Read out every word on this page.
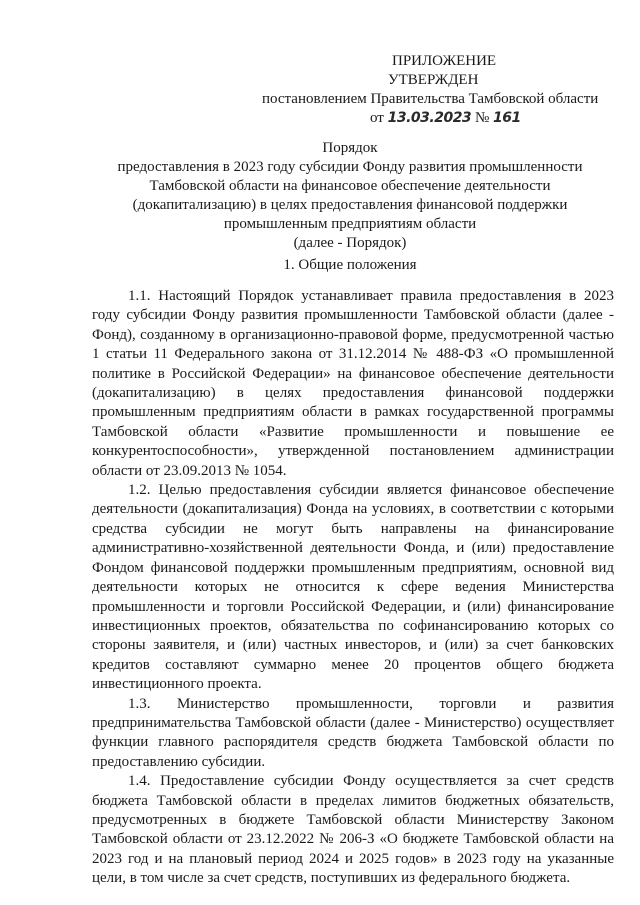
ПРИЛОЖЕНИЕ
УТВЕРЖДЕН
постановлением Правительства Тамбовской области
от 13.03.2023 № 161
Порядок
предоставления в 2023 году субсидии Фонду развития промышленности
Тамбовской области на финансовое обеспечение деятельности
(докапитализацию) в целях предоставления финансовой поддержки
промышленным предприятиям области
(далее - Порядок)
1. Общие положения

1.1. Настоящий Порядок устанавливает правила предоставления в 2023 году субсидии Фонду развития промышленности Тамбовской области (далее - Фонд), созданному в организационно-правовой форме, предусмотренной частью 1 статьи 11 Федерального закона от 31.12.2014 № 488-ФЗ «О промышленной политике в Российской Федерации» на финансовое обеспечение деятельности (докапитализацию) в целях предоставления финансовой поддержки промышленным предприятиям области в рамках государственной программы Тамбовской области «Развитие промышленности и повышение ее конкурентоспособности», утвержденной постановлением администрации области от 23.09.2013 № 1054.

1.2. Целью предоставления субсидии является финансовое обеспечение деятельности (докапитализация) Фонда на условиях, в соответствии с которыми средства субсидии не могут быть направлены на финансирование административно-хозяйственной деятельности Фонда, и (или) предоставление Фондом финансовой поддержки промышленным предприятиям, основной вид деятельности которых не относится к сфере ведения Министерства промышленности и торговли Российской Федерации, и (или) финансирование инвестиционных проектов, обязательства по софинансированию которых со стороны заявителя, и (или) частных инвесторов, и (или) за счет банковских кредитов составляют суммарно менее 20 процентов общего бюджета инвестиционного проекта.

1.3. Министерство промышленности, торговли и развития предпринимательства Тамбовской области (далее - Министерство) осуществляет функции главного распорядителя средств бюджета Тамбовской области по предоставлению субсидии.

1.4. Предоставление субсидии Фонду осуществляется за счет средств бюджета Тамбовской области в пределах лимитов бюджетных обязательств, предусмотренных в бюджете Тамбовской области Министерству Законом Тамбовской области от 23.12.2022 № 206-З «О бюджете Тамбовской области на 2023 год и на плановый период 2024 и 2025 годов» в 2023 году на указанные цели, в том числе за счет средств, поступивших из федерального бюджета.
